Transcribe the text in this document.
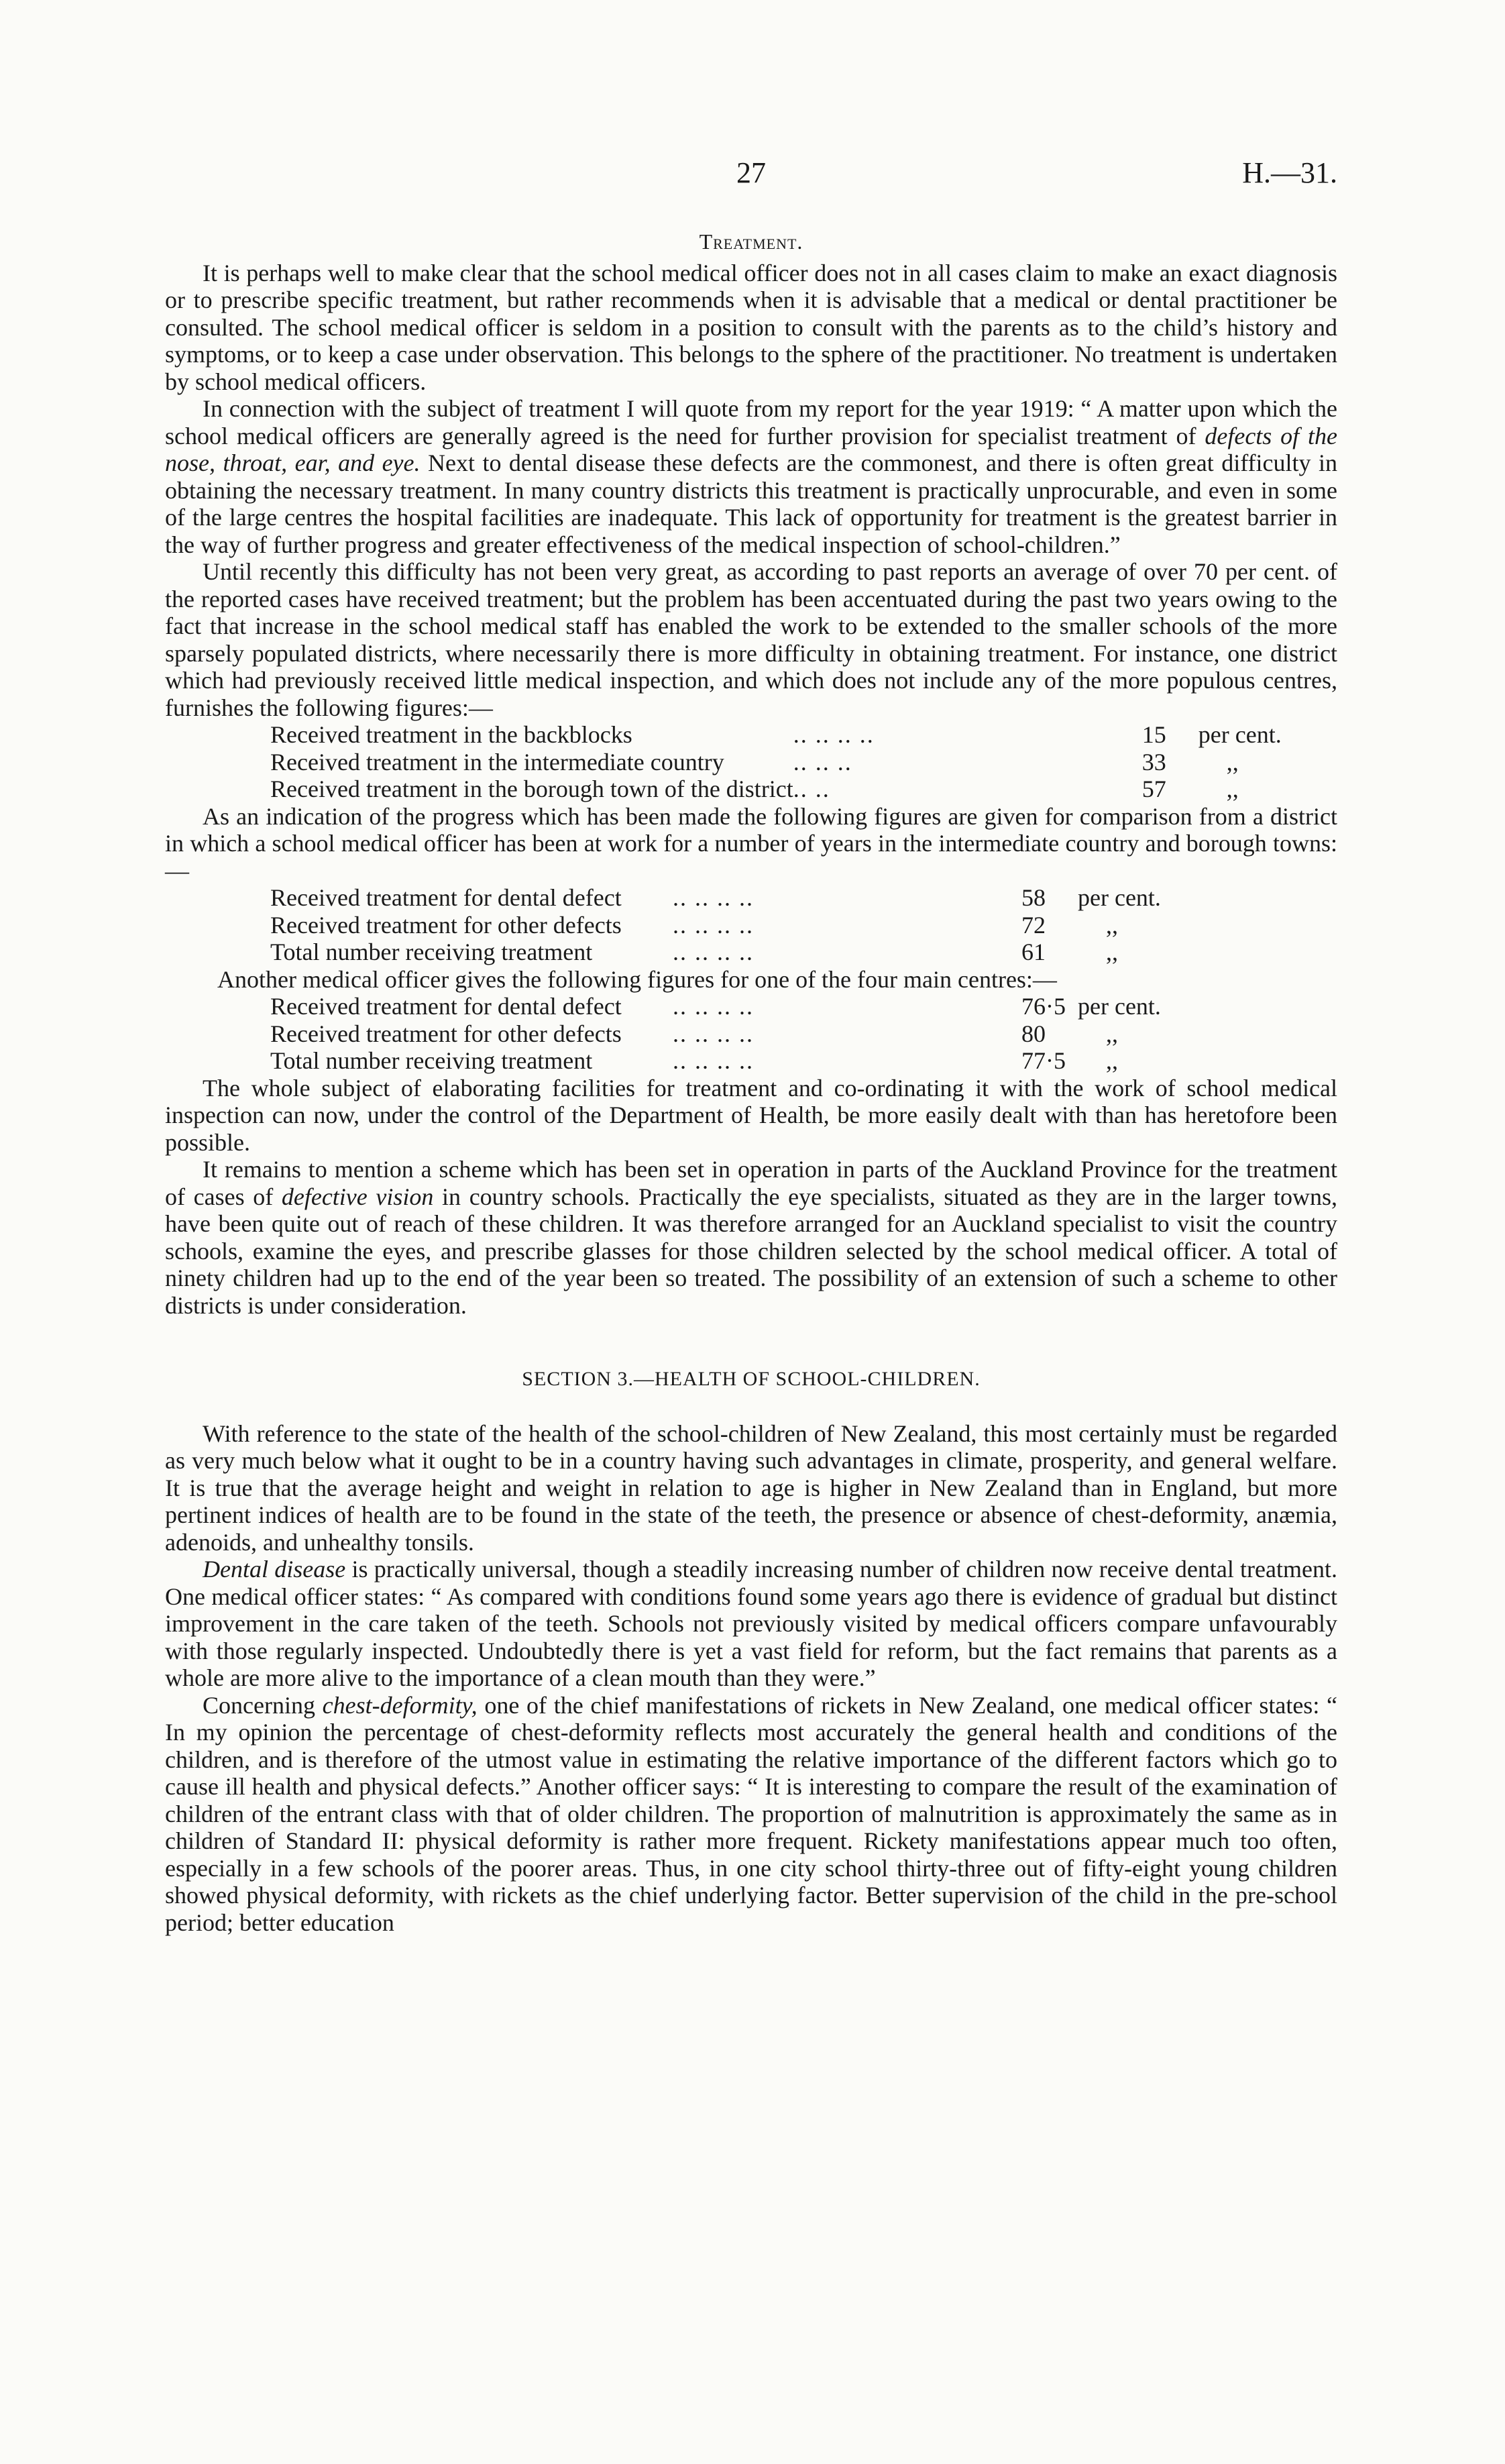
27	H.—31.
Treatment.

It is perhaps well to make clear that the school medical officer does not in all cases claim to make an exact diagnosis or to prescribe specific treatment, but rather recommends when it is advisable that a medical or dental practitioner be consulted. The school medical officer is seldom in a position to consult with the parents as to the child’s history and symptoms, or to keep a case under observation. This belongs to the sphere of the practitioner. No treatment is undertaken by school medical officers.

In connection with the subject of treatment I will quote from my report for the year 1919: “ A matter upon which the school medical officers are generally agreed is the need for further provision for specialist treatment of defects of the nose, throat, ear, and eye. Next to dental disease these defects are the commonest, and there is often great difficulty in obtaining the necessary treatment. In many country districts this treatment is practically unprocurable, and even in some of the large centres the hospital facilities are inadequate. This lack of opportunity for treatment is the greatest barrier in the way of further progress and greater effectiveness of the medical inspection of school-children.”

Until recently this difficulty has not been very great, as according to past reports an average of over 70 per cent. of the reported cases have received treatment; but the problem has been accentuated during the past two years owing to the fact that increase in the school medical staff has enabled the work to be extended to the smaller schools of the more sparsely populated districts, where necessarily there is more difficulty in obtaining treatment. For instance, one district which had previously received little medical inspection, and which does not include any of the more populous centres, furnishes the following figures:—

Received treatment in the backblocks	.. .. .. ..	15	per cent.
Received treatment in the intermediate country	.. .. ..	33	,,
Received treatment in the borough town of the district	.. ..	57	,,

As an indication of the progress which has been made the following figures are given for comparison from a district in which a school medical officer has been at work for a number of years in the intermediate country and borough towns:—

Received treatment for dental defect	.. .. .. ..	58	per cent.
Received treatment for other defects	.. .. .. ..	72	,,
Total number receiving treatment	.. .. .. ..	61	,,

Another medical officer gives the following figures for one of the four main centres:—

Received treatment for dental defect	.. .. .. ..	76·5	per cent.
Received treatment for other defects	.. .. .. ..	80	,,
Total number receiving treatment	.. .. .. ..	77·5	,,

The whole subject of elaborating facilities for treatment and co-ordinating it with the work of school medical inspection can now, under the control of the Department of Health, be more easily dealt with than has heretofore been possible.

It remains to mention a scheme which has been set in operation in parts of the Auckland Province for the treatment of cases of defective vision in country schools. Practically the eye specialists, situated as they are in the larger towns, have been quite out of reach of these children. It was therefore arranged for an Auckland specialist to visit the country schools, examine the eyes, and prescribe glasses for those children selected by the school medical officer. A total of ninety children had up to the end of the year been so treated. The possibility of an extension of such a scheme to other districts is under consideration.

SECTION 3.—HEALTH OF SCHOOL-CHILDREN.

With reference to the state of the health of the school-children of New Zealand, this most certainly must be regarded as very much below what it ought to be in a country having such advantages in climate, prosperity, and general welfare. It is true that the average height and weight in relation to age is higher in New Zealand than in England, but more pertinent indices of health are to be found in the state of the teeth, the presence or absence of chest-deformity, anæmia, adenoids, and unhealthy tonsils.

Dental disease is practically universal, though a steadily increasing number of children now receive dental treatment. One medical officer states: “ As compared with conditions found some years ago there is evidence of gradual but distinct improvement in the care taken of the teeth. Schools not previously visited by medical officers compare unfavourably with those regularly inspected. Undoubtedly there is yet a vast field for reform, but the fact remains that parents as a whole are more alive to the importance of a clean mouth than they were.”

Concerning chest-deformity, one of the chief manifestations of rickets in New Zealand, one medical officer states: “ In my opinion the percentage of chest-deformity reflects most accurately the general health and conditions of the children, and is therefore of the utmost value in estimating the relative importance of the different factors which go to cause ill health and physical defects.” Another officer says: “ It is interesting to compare the result of the examination of children of the entrant class with that of older children. The proportion of malnutrition is approximately the same as in children of Standard II: physical deformity is rather more frequent. Rickety manifestations appear much too often, especially in a few schools of the poorer areas. Thus, in one city school thirty-three out of fifty-eight young children showed physical deformity, with rickets as the chief underlying factor. Better supervision of the child in the pre-school period; better education
